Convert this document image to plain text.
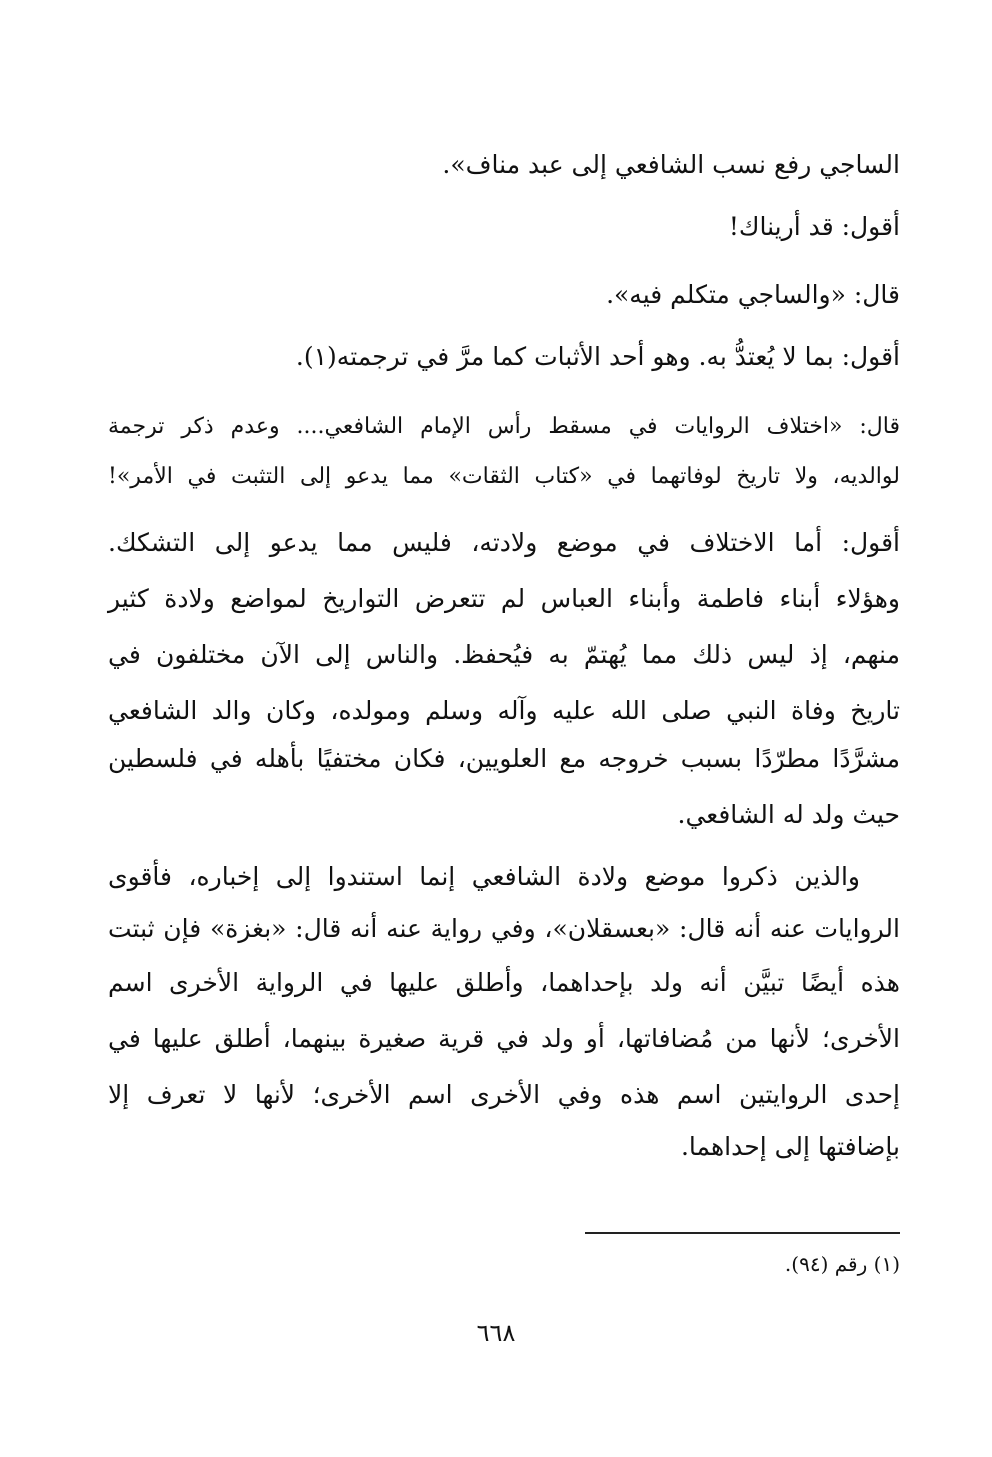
الساجي رفع نسب الشافعي إلى عبد مناف».
أقول: قد أريناك!
قال: «والساجي متكلم فيه».
أقول: بما لا يُعتدُّ به. وهو أحد الأثبات كما مرَّ في ترجمته(١).
قال: «اختلاف الروايات في مسقط رأس الإمام الشافعي.... وعدم ذكر ترجمة
لوالديه، ولا تاريخ لوفاتهما في «كتاب الثقات» مما يدعو إلى التثبت في الأمر»!
أقول: أما الاختلاف في موضع ولادته، فليس مما يدعو إلى التشكك.
وهؤلاء أبناء فاطمة وأبناء العباس لم تتعرض التواريخ لمواضع ولادة كثير
منهم، إذ ليس ذلك مما يُهتمّ به فيُحفظ. والناس إلى الآن مختلفون في
تاريخ وفاة النبي صلى الله عليه وآله وسلم ومولده، وكان والد الشافعي
مشرَّدًا مطرّدًا بسبب خروجه مع العلويين، فكان مختفيًا بأهله في فلسطين
حيث ولد له الشافعي.
والذين ذكروا موضع ولادة الشافعي إنما استندوا إلى إخباره، فأقوى
الروايات عنه أنه قال: «بعسقلان»، وفي رواية عنه أنه قال: «بغزة» فإن ثبتت
هذه أيضًا تبيَّن أنه ولد بإحداهما، وأطلق عليها في الرواية الأخرى اسم
الأخرى؛ لأنها من مُضافاتها، أو ولد في قرية صغيرة بينهما، أطلق عليها في
إحدى الروايتين اسم هذه وفي الأخرى اسم الأخرى؛ لأنها لا تعرف إلا
بإضافتها إلى إحداهما.
(١) رقم (٩٤).
٦٦٨
